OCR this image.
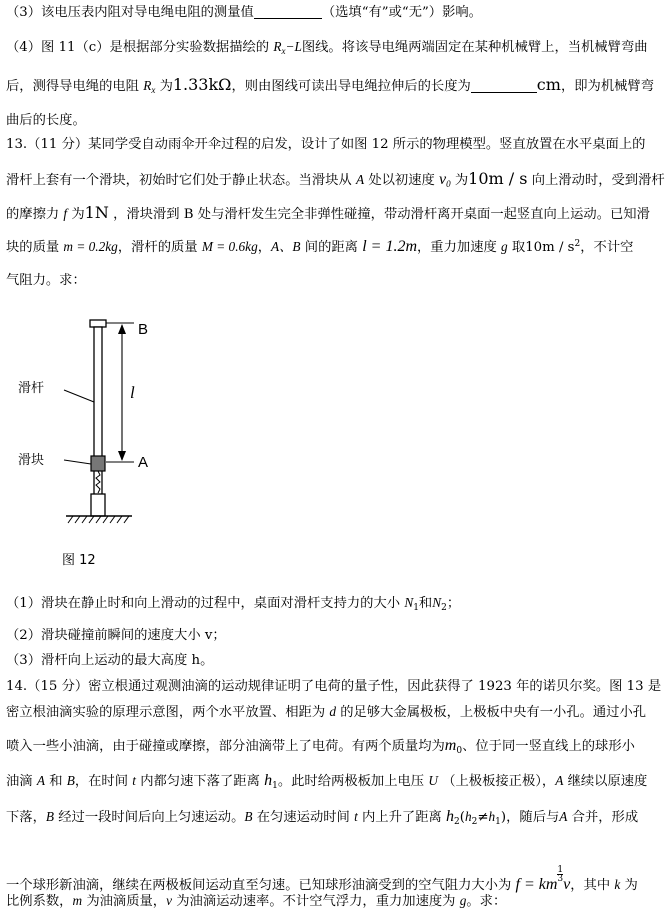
（3）该电压表内阻对导电绳电阻的测量值	（选填“有”或“无”）影响。
（4）图 11（c）是根据部分实验数据描绘的 $R_x-L$图线。将该导电绳两端固定在某种机械臂上，当机械臂弯曲
后，测得导电绳的电阻 $R_x$ 为1.33kΩ，则由图线可读出导电绳拉伸后的长度为	cm，即为机械臂弯
曲后的长度。
13.（11 分）某同学受自动雨伞开伞过程的启发，设计了如图 12 所示的物理模型。竖直放置在水平桌面上的
滑杆上套有一个滑块，初始时它们处于静止状态。当滑块从 A 处以初速度 $v_0$ 为10m / s 向上滑动时，受到滑杆
的摩擦力 f 为1N ，滑块滑到 B 处与滑杆发生完全非弹性碰撞，带动滑杆离开桌面一起竖直向上运动。已知滑
块的质量 m = 0.2kg，滑杆的质量 M = 0.6kg，A、B 间的距离 l = 1.2m，重力加速度 g 取$10m / s^2$，不计空
气阻力。求：
B
A
l
滑杆
滑块
图 12
（1）滑块在静止时和向上滑动的过程中，桌面对滑杆支持力的大小 $N_1$和$N_2$；
（2）滑块碰撞前瞬间的速度大小 v；
（3）滑杆向上运动的最大高度 h。
14.（15 分）密立根通过观测油滴的运动规律证明了电荷的量子性，因此获得了 1923 年的诺贝尔奖。图 13 是
密立根油滴实验的原理示意图，两个水平放置、相距为 d 的足够大金属极板，上极板中央有一小孔。通过小孔
喷入一些小油滴，由于碰撞或摩擦，部分油滴带上了电荷。有两个质量均为$m_0$、位于同一竖直线上的球形小
油滴 A 和 B，在时间 t 内都匀速下落了距离 $h_1$。此时给两极板加上电压 U （上极板接正极），A 继续以原速度
下落，B 经过一段时间后向上匀速运动。B 在匀速运动时间 t 内上升了距离 $h_2(h_2\ne h_1)$，随后与A 合并，形成
一个球形新油滴，继续在两极板间运动直至匀速。已知球形油滴受到的空气阻力大小为 f = km
$\frac{1}{3}$
v，其中 k 为
比例系数，m 为油滴质量，v 为油滴运动速率。不计空气浮力，重力加速度为 g。求：
